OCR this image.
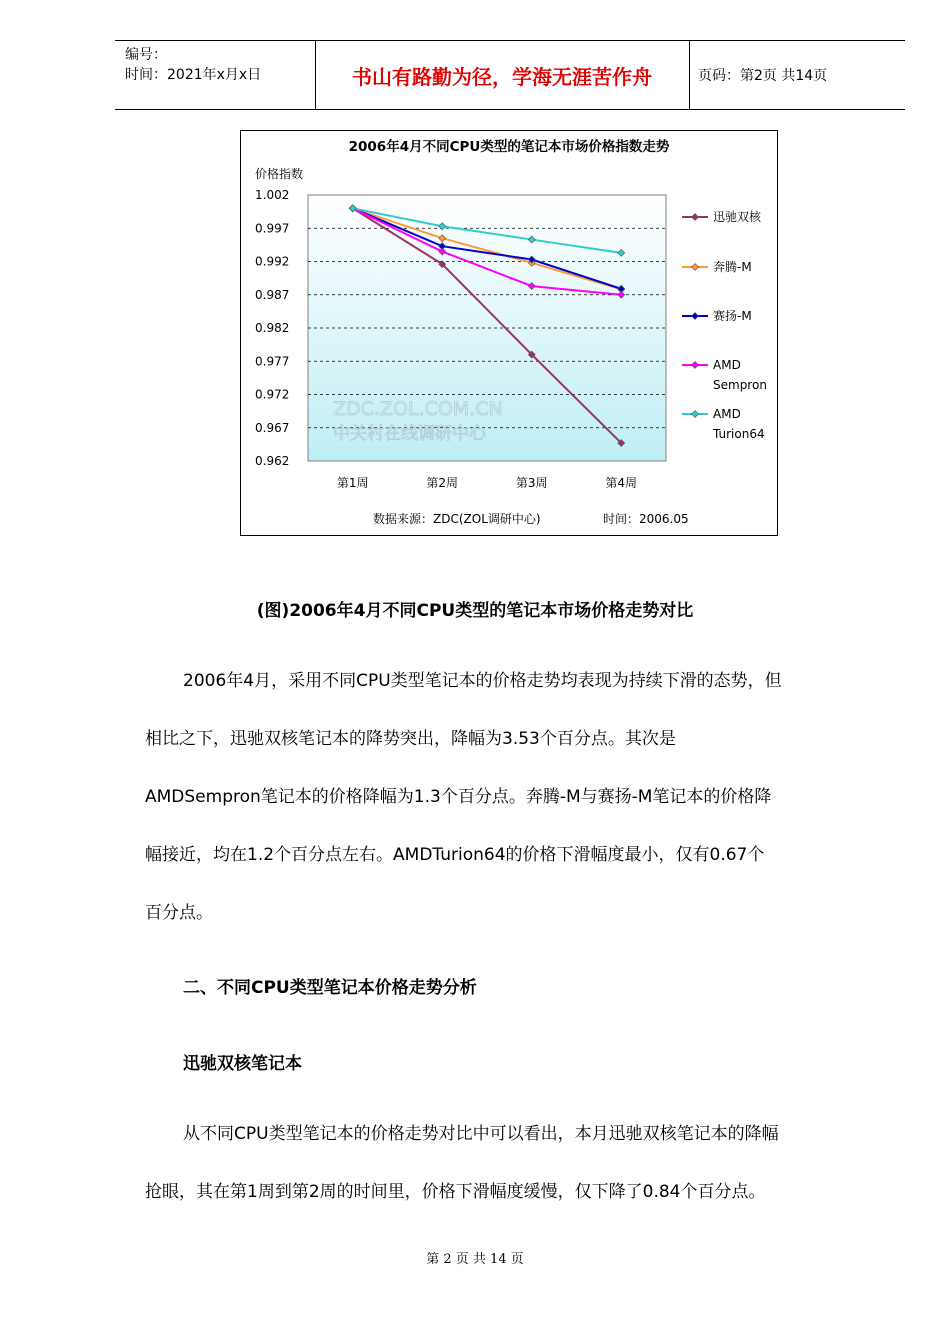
编号：
时间：2021年x月x日	书山有路勤为径，学海无涯苦作舟	页码：第2页 共14页
2006年4月不同CPU类型的笔记本市场价格指数走势
价格指数
1.002
0.997
0.992
0.987
0.982
0.977
0.972
0.967
0.962
第1周	第2周	第3周	第4周
迅驰双核
奔腾-M
赛扬-M
AMD
Sempron
AMD
Turion64
ZDC.ZOL.COM.CN
中关村在线调研中心
数据来源：ZDC(ZOL调研中心)	时间：2006.05
(图)2006年4月不同CPU类型的笔记本市场价格走势对比
2006年4月，采用不同CPU类型笔记本的价格走势均表现为持续下滑的态势，但
相比之下，迅驰双核笔记本的降势突出，降幅为3.53个百分点。其次是
AMDSempron笔记本的价格降幅为1.3个百分点。奔腾-M与赛扬-M笔记本的价格降
幅接近，均在1.2个百分点左右。AMDTurion64的价格下滑幅度最小，仅有0.67个
百分点。
二、不同CPU类型笔记本价格走势分析
迅驰双核笔记本
从不同CPU类型笔记本的价格走势对比中可以看出，本月迅驰双核笔记本的降幅
抢眼，其在第1周到第2周的时间里，价格下滑幅度缓慢，仅下降了0.84个百分点。
第 2 页 共 14 页
